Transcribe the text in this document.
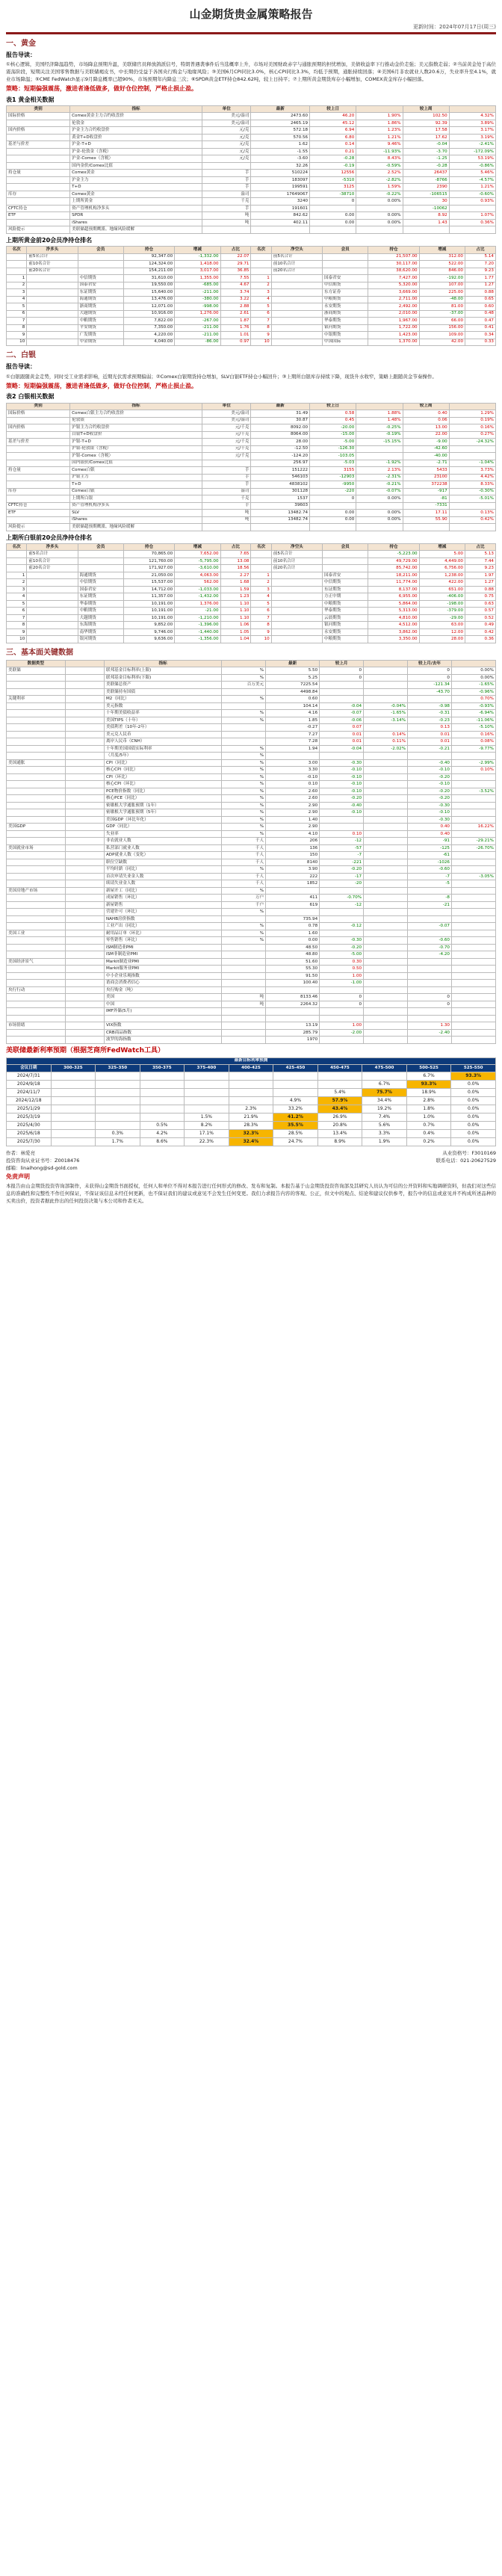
山金期货贵金属策略报告
更新时间：2024年07月17日(周三)
一、黄金
报告导读：

①核心逻辑，美国经济降温趋势，市场降息预期升温，美联储官员释放鸽派信号，特朗普遇袭事件后当选概率上升，市场对美国财政赤字与通胀预期的担忧增加，美债收益率下行推动金价走强；美元指数走弱；②当前黄金处于高位震荡阶段，短期关注美国零售数据与美联储褐皮书，中长期仍受益于各国央行购金与地缘风险；③美国6月CPI同比3.0%，核心CPI同比3.3%，均低于预期，通胀持续回落；④美国6月非农就业人数20.6万，失业率升至4.1%，就业市场降温；⑤CME FedWatch显示9月降息概率已超90%，市场预期年内降息三次；⑥SPDR黄金ETF持仓842.62吨，较上日持平；⑦上期所黄金期货库存小幅增加，COMEX黄金库存小幅回落。

策略：短期偏强震荡，激进者逢低做多，做好仓位控制，严格止损止盈。
表1 黄金相关数据
类别	指标	单位	最新	较上日		较上周	
国际价格	Comex黄金主力合约收盘价	美元/盎司	2473.60	46.20	1.90%	102.50	4.32%
	伦敦金	美元/盎司	2465.19	45.12	1.86%	92.39	3.89%
国内价格	沪金主力合约收盘价	元/克	572.18	6.94	1.23%	17.58	3.17%
	黄金T+D收盘价	元/克	570.56	6.80	1.21%	17.62	3.19%
基差与价差	沪金-T+D	元/克	1.62	0.14	9.46%	-0.04	-2.41%
	沪金-伦敦金（含税）	元/克	-1.55	0.21	-11.93%	-3.70	-172.09%
	沪金-Comex（含税）	元/克	-3.60	-0.28	8.43%	-1.25	53.19%
	国内金价/Comex比值		32.26	-0.19	-0.59%	-0.28	-0.86%
持仓量	Comex黄金	手	510224	12556	2.52%	26437	5.46%
	沪金主力	手	183097	-5310	-2.82%	-8766	-4.57%
	T+D	手	199591	3125	1.59%	2390	1.21%
库存	Comex黄金	盎司	17649067	-38710	-0.22%	-106515	-0.60%
	上期所黄金	千克	3240	0	0.00%	30	0.93%
CFTC持仓	资产管理机构净多头	手	191601			-10062	
ETF	SPDR	吨	842.62	0.00	0.00%	8.92	1.07%
	iShares	吨	402.11	0.00	0.00%	1.43	0.36%
风险提示	美联储超预期鹰派、地缘风险缓解						
上期所黄金前20会员净持仓排名
名次	净多头	会员	持仓	增减	占比	名次	净空头	会员	持仓	增减	占比
	前5名合计		92,347.00	-1,332.00	22.07		前5名合计		21,507.00	312.00	5.14
	前10名合计		124,324.00	1,418.00	29.71		前10名合计		30,117.00	522.00	7.20
	前20名合计		154,211.00	3,017.00	36.85		前20名合计		38,620.00	846.00	9.23
1		中信期货	31,610.00	1,355.00	7.55	1		国泰君安	7,427.00	-192.00	1.77
2		国泰君安	19,550.00	-685.00	4.67	2		中信期货	5,320.00	107.00	1.27
3		东证期货	15,640.00	-211.00	3.74	3		东方证券	3,669.00	225.00	0.88
4		海通期货	13,476.00	-380.00	3.22	4		中粮期货	2,711.00	-48.00	0.65
5		浙商期货	12,071.00	-998.00	2.88	5		永安期货	2,492.00	81.00	0.60
6		大越期货	10,916.00	1,276.00	2.61	6		浙商期货	2,010.00	-37.00	0.48
7		中粮期货	7,822.00	-267.00	1.87	7		华泰期货	1,967.00	66.00	0.47
8		平安期货	7,350.00	-211.00	1.76	8		银河期货	1,722.00	156.00	0.41
9		广发期货	4,220.00	-211.00	1.01	9		中银期货	1,423.00	109.00	0.34
10		中金期货	4,040.00	-86.00	0.97	10		中国国际	1,370.00	42.00	0.33
二、白银
报告导读：

①白银跟随黄金走势，同时受工业需求影响，近期光伏需求预期偏弱；②Comex白银期货持仓增加，SLV白银ETF持仓小幅回升；③上期所白银库存持续下降，现货升水收窄，策略上跟随黄金节奏操作。

策略：短期偏强震荡，激进者逢低做多，做好仓位控制，严格止损止盈。
表2 白银相关数据
类别	指标	单位	最新	较上日		较上周	
国际价格	Comex白银主力合约收盘价	美元/盎司	31.49	0.58	1.88%	0.40	1.29%
	伦敦银	美元/盎司	30.87	0.45	1.48%	0.06	0.19%
国内价格	沪银主力合约收盘价	元/千克	8092.00	-20.00	-0.25%	13.00	0.16%
	白银T+D收盘价	元/千克	8064.00	-15.00	-0.19%	22.00	0.27%
基差与价差	沪银-T+D	元/千克	28.00	-5.00	-15.15%	-9.00	-24.32%
	沪银-伦敦银（含税）	元/千克	-12.50	-126.30		-42.60	
	沪银-Comex（含税）	元/千克	-124.20	-103.05		-40.00	
	国内银价/Comex比值		256.97	-5.03	-1.92%	-2.71	-1.04%
持仓量	Comex白银	手	151222	3155	2.13%	5433	3.73%
	沪银主力	手	546103	-12903	-2.31%	23100	4.42%
	T+D	手	4838102	-9950	-0.21%	372238	8.33%
库存	Comex白银	盎司	301128	-220	-0.07%	-917	-0.30%
	上期所白银	千克	1537	0	0.00%	-81	-5.01%
CFTC持仓	资产管理机构净多头	手	39603			-7331	
ETF	SLV	吨	13482.74	0.00	0.00%	17.11	0.13%
	iShares	吨	13482.74	0.00	0.00%	55.90	0.42%
风险提示	美联储超预期鹰派、地缘风险缓解						
上期所白银前20会员净持仓排名
名次	净多头	会员	持仓	增减	占比	名次	净空头	会员	持仓	增减	占比
	前5名合计		70,865.00	7,652.00	7.65		前5名合计		-5,223.00	5.00	5.13
	前10名合计		121,760.00	-5,795.00	13.08		前10名合计		49,729.00	4,449.00	7.44
	前20名合计		171,927.00	-3,610.00	18.56		前20名合计		85,742.00	6,756.00	9.23
1		海通期货	21,050.00	4,063.00	2.27	1		国泰君安	18,211.00	1,238.00	1.97
2		中信期货	15,537.00	562.00	1.68	2		中信期货	11,774.00	422.00	1.27
3		国泰君安	14,712.00	-1,033.00	1.59	3		东证期货	8,137.00	651.00	0.88
4		东证期货	11,357.00	-1,432.00	1.23	4		方正中期	6,955.00	-406.00	0.75
5		华泰期货	10,191.00	1,376.00	1.10	5		中粮期货	5,864.00	-198.00	0.63
6		中粮期货	10,191.00	-21.00	1.10	6		华泰期货	5,313.00	-379.00	0.57
7		大越期货	10,191.00	-1,210.00	1.10	7		云晨期货	4,810.00	-29.00	0.52
8		东海期货	9,852.00	-1,396.00	1.06	8		银河期货	4,512.00	63.00	0.49
9		南华期货	9,746.00	-1,440.00	1.05	9		永安期货	3,862.00	12.00	0.42
10		银河期货	9,636.00	-1,356.00	1.04	10		中粮期货	3,350.00	28.00	0.36
三、基本面关键数据
数据类型		指标		最新	较上月		较上月/去年	
美联储		联邦基金目标利率(上限)	%	5.50	0		0	0.00%
		联邦基金目标利率(下限)	%	5.25	0		0	0.00%
		美联储总资产	百万美元	7225.54			-121.34	-1.65%
		美联储持有国债		4498.84			-43.70	-0.96%
关键利率		M2（同比）	%	0.60				0.70%
		美元指数		104.14	-0.04	-0.04%	-0.98	-0.93%
		十年期美债收益率	%	4.16	-0.07	-1.65%	-0.31	-6.94%
		美国TIPS（十年）	%	1.85	-0.06	-3.14%	-0.23	-11.06%
		美债利差（10年-2年）		-0.27	0.07		0.13	-5.10%
		美元兑人民币		7.27	0.01	0.14%	0.01	0.16%
		离岸人民币（CNH）		7.28	0.01	0.11%	0.01	0.08%
		十年期美国国债实际利率	%	1.94	-0.04	-2.02%	-0.21	-9.77%
		（月度/5年）	%					
美国通胀		CPI（同比）	%	3.00	-0.30		-0.40	-2.99%
		核心CPI（同比）	%	3.30	-0.10		-0.10	0.10%
		CPI（环比）	%	-0.10	-0.10		-0.20	
		核心CPI（环比）	%	0.10	-0.10		-0.10	
		PCE物价指数（同比）	%	2.60	-0.10		-0.20	-3.52%
		核心PCE（同比）	%	2.60	-0.20		-0.20	
		密歇根大学通胀预期（1年）	%	2.90	-0.40		-0.30	
		密歇根大学通胀预期（5年）	%	2.90	-0.10		-0.10	
		美国GDP（环比年化）	%	1.40			-0.30	
美国GDP		GDP（同比）	%	2.90			0.40	16.22%
		失业率	%	4.10	0.10		0.40	
		非农就业人数	千人	206	-12		-91	-29.21%
美国就业市场		私营部门就业人数	千人	136	-57		-125	-26.70%
		ADP就业人数（变化）	千人	150	-7		-61	
		职位空缺数	千人	8140	-221		-1026	
		平均时薪（同比）	%	3.90	-0.20		-0.60	
		首次申请失业金人数	千人	222	-17		-7	-3.05%
		续请失业金人数	千人	1852	-20		-5	
美国房地产市场		新屋开工（同比）	%					
		成屋销售（环比）	万户	411	-0.70%		-8	
		新屋销售	千户	619	-12		-21	
		营建许可（环比）	%					
		NAHB房价指数		735.94				
		工业产出（同比）	%	0.78	-0.12		-0.07	
美国工业		耐用品订单（环比）	%	1.60				
		零售销售（环比）	%	0.00	-0.30		-0.60	
		ISM制造业PMI		48.50	-0.20		-0.70	
		ISM非制造业PMI		48.80	-5.00		-4.20	
美国经济景气		Markit制造业PMI		51.60	0.30			
		Markit服务业PMI		55.30	0.50			
		中小企业乐观指数		91.50	1.00			
		谘商会消费者信心		100.40	-1.00			
央行行动		央行购金（吨）						
		美国	吨	8133.46	0		0	
		中国	吨	2264.32	0		0	
		IMF外储(5月)						

市场情绪		VIX指数		13.19	1.00		1.30	
		CRB商品指数		285.79	-2.00		-2.40	
		波罗的海指数		1970				
美联储最新利率预期（根据芝商所FedWatch工具）
最新目标利率预测										
会议日期	300-325	325-350	350-375	375-400	400-425	425-450	450-475	475-500	500-525	525-550
2024/7/31									6.7%	93.3%
2024/9/18								6.7%	93.3%	0.0%
2024/11/7							5.4%	75.7%	18.9%	0.0%
2024/12/18						4.9%	57.9%	34.4%	2.8%	0.0%
2025/1/29					2.3%	33.2%	43.4%	19.2%	1.8%	0.0%
2025/3/19				1.5%	21.9%	41.2%	26.9%	7.4%	1.0%	0.0%
2025/4/30			0.5%	8.2%	28.3%	35.5%	20.8%	5.6%	0.7%	0.0%
2025/6/18		0.3%	4.2%	17.1%	32.3%	28.5%	13.4%	3.3%	0.4%	0.0%
2025/7/30		1.7%	8.6%	22.3%	32.4%	24.7%	8.9%	1.9%	0.2%	0.0%
作者：林爱亮	从业资格号：F3010169
投资咨询从业证书号：Z0018476	联系电话：021-20627529
邮箱：linaihong@sd-gold.com
免责声明

本报告由山金期货投资咨询部制作，未获得山金期货书面授权，任何人和单位不得对本报告进行任何形式的修改、发布和复制。本报告基于山金期货投资咨询部及其研究人员认为可信的公开资料和实地调研资料，但我们对这些信息的准确性和完整性不作任何保证，不保证该信息未经任何更新，也不保证我们的建议或意见不会发生任何变更。我们力求报告内容的客观、公正，但文中的观点、结论和建议仅供参考，报告中的信息或意见并不构成所述品种的买卖出价，投资者据此作出的任何投资决策与本公司和作者无关。
